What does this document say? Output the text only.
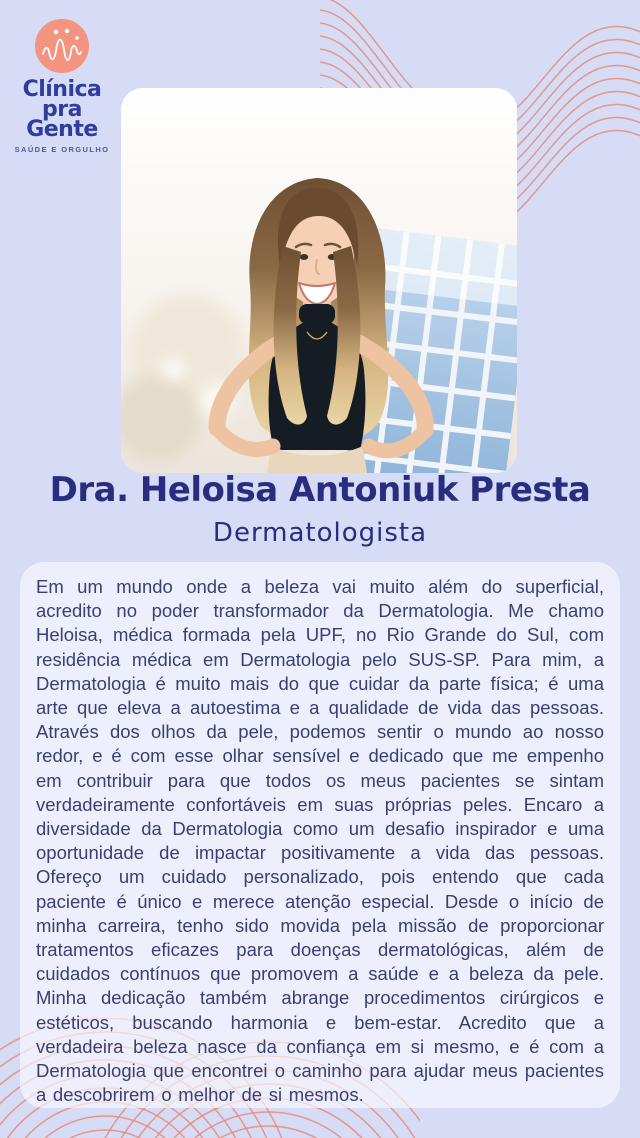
Clínica
pra Gente
SAÚDE E ORGULHO
Dra. Heloisa Antoniuk Presta
Dermatologista

Em um mundo onde a beleza vai muito além do superficial, acredito no poder transformador da Dermatologia. Me chamo Heloisa, médica formada pela UPF, no Rio Grande do Sul, com residência médica em Dermatologia pelo SUS-SP. Para mim, a Dermatologia é muito mais do que cuidar da parte física; é uma arte que eleva a autoestima e a qualidade de vida das pessoas. Através dos olhos da pele, podemos sentir o mundo ao nosso redor, e é com esse olhar sensível e dedicado que me empenho em contribuir para que todos os meus pacientes se sintam verdadeiramente confortáveis em suas próprias peles. Encaro a diversidade da Dermatologia como um desafio inspirador e uma oportunidade de impactar positivamente a vida das pessoas. Ofereço um cuidado personalizado, pois entendo que cada paciente é único e merece atenção especial. Desde o início de minha carreira, tenho sido movida pela missão de proporcionar tratamentos eficazes para doenças dermatológicas, além de cuidados contínuos que promovem a saúde e a beleza da pele. Minha dedicação também abrange procedimentos cirúrgicos e estéticos, buscando harmonia e bem-estar. Acredito que a verdadeira beleza nasce da confiança em si mesmo, e é com a Dermatologia que encontrei o caminho para ajudar meus pacientes a descobrirem o melhor de si mesmos.
